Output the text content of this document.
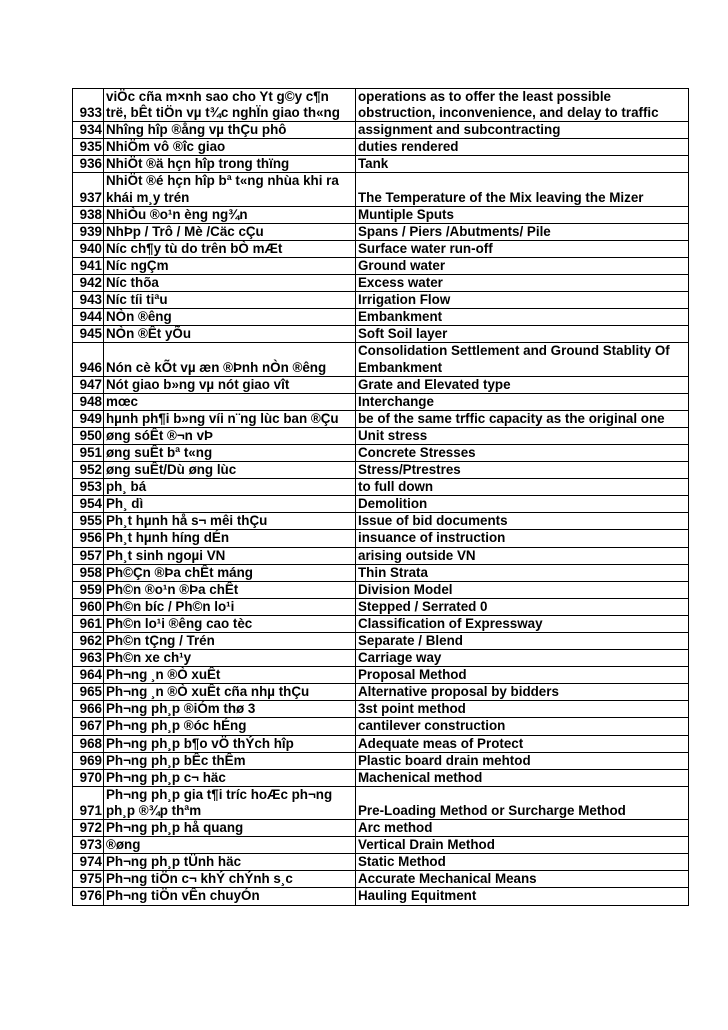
933	viÖc cña m×nh sao cho Yt g©y c¶n trë, bÊt tiÖn vµ t¾c nghÏn giao th«ng	operations as to offer the least possible obstruction, inconvenience, and delay to traffic
934	Nhîng hîp ®ång vµ thÇu phô	assignment and subcontracting
935	NhiÖm vô ®îc giao	duties rendered
936	NhiÖt ®ä hçn hîp trong thïng	Tank
937	NhiÖt ®é hçn hîp bª t«ng nhùa khi ra khái m¸y trén	The Temperature of the Mix leaving the Mizer
938	NhiÒu ®o¹n èng ng¾n	Muntiple Sputs
939	NhÞp / Trô / Mè /Cäc cÇu	Spans / Piers /Abutments/ Pile
940	Níc ch¶y tù do trên bÒ mÆt	Surface water run-off
941	Níc ngÇm	Ground water
942	Níc thõa	Excess water
943	Níc tíi tiªu	Irrigation Flow
944	NÒn ®êng	Embankment
945	NÒn ®Êt yÕu	Soft Soil layer
946	Nón cè kÕt vµ æn ®Þnh nÒn ®êng	Consolidation Settlement and Ground Stablity Of Embankment
947	Nót giao b»ng vµ nót giao vît	Grate and Elevated type
948	mœc	Interchange
949	hµnh ph¶i b»ng víi n¨ng lùc ban ®Çu	be of the same trffic capacity as the original one
950	øng sóÊt ®¬n vÞ	Unit stress
951	øng suÊt bª t«ng	Concrete Stresses
952	øng suÊt/Dù øng lùc	Stress/Ptrestres
953	ph¸ bá	to full down
954	Ph¸ dì	Demolition
955	Ph¸t hµnh hå s¬ mêi thÇu	Issue of bid documents
956	Ph¸t hµnh híng dÉn	insuance of instruction
957	Ph¸t sinh ngoµi VN	arising outside VN
958	Ph©Çn ®Þa chÊt máng	Thin Strata
959	Ph©n ®o¹n ®Þa chÊt	Division Model
960	Ph©n bíc / Ph©n lo¹i	Stepped / Serrated 0
961	Ph©n lo¹i ®êng cao tèc	Classification of Expressway
962	Ph©n tÇng / Trén	Separate / Blend
963	Ph©n xe ch¹y	Carriage way
964	Ph¬ng ¸n ®Ò xuÊt	Proposal Method
965	Ph¬ng ¸n ®Ò xuÊt cña nhµ thÇu	Alternative proposal by bidders
966	Ph¬ng ph¸p ®iÓm thø 3	3st point method
967	Ph¬ng ph¸p ®óc hÉng	cantilever construction
968	Ph¬ng ph¸p b¶o vÖ thÝch hîp	Adequate meas of Protect
969	Ph¬ng ph¸p bÊc thÊm	Plastic board drain mehtod
970	Ph¬ng ph¸p c¬ häc	Machenical method
971	Ph¬ng ph¸p gia t¶i tríc hoÆc ph¬ng ph¸p ®¾p thªm	Pre-Loading Method or Surcharge Method
972	Ph¬ng ph¸p hå quang	Arc method
973	®øng	Vertical Drain Method
974	Ph¬ng ph¸p tÜnh häc	Static Method
975	Ph¬ng tiÖn c¬ khÝ chÝnh s¸c	Accurate Mechanical Means
976	Ph¬ng tiÖn vÊn chuyÓn	Hauling Equitment
